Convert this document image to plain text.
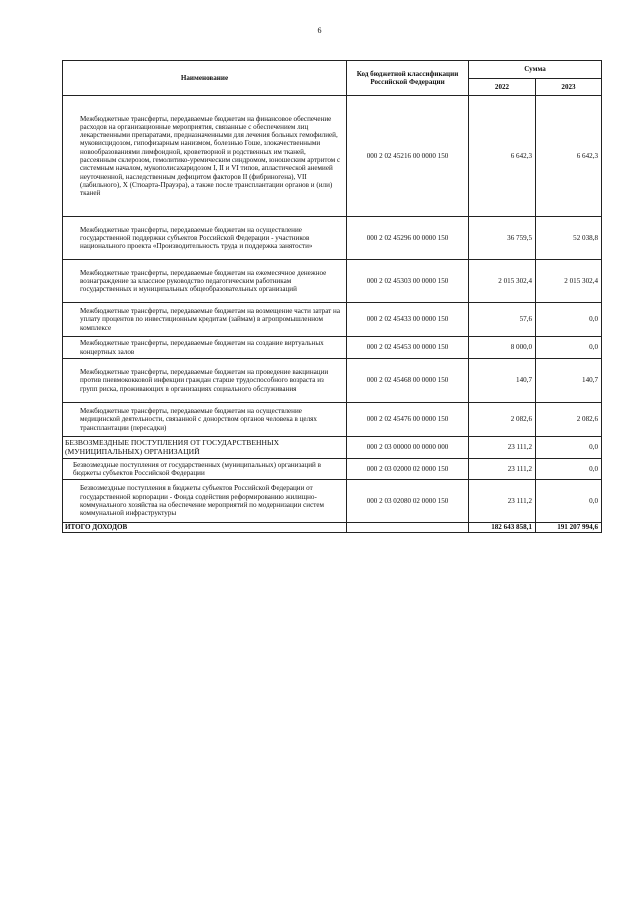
6
Наименование	Код бюджетной классификации Российской Федерации	Сумма	
		2022	2023
Межбюджетные трансферты, передаваемые бюджетам на финансовое обеспечение расходов на организационные мероприятия, связанные с обеспечением лиц лекарственными препаратами, предназначенными для лечения больных гемофилией, муковисцидозом, гипофизарным нанизмом, болезнью Гоше, злокачественными новообразованиями лимфоидной, кроветворной и родственных им тканей, рассеянным склерозом, гемолитико-уремическим синдромом, юношеским артритом с системным началом, мукополисахаридозом I, II и VI типов, апластической анемией неуточненной, наследственным дефицитом факторов II (фибриногена), VII (лабильного), X (Стюарта-Прауэра), а также после трансплантации органов и (или) тканей	000 2 02 45216 00 0000 150	6 642,3	6 642,3
Межбюджетные трансферты, передаваемые бюджетам на осуществление государственной поддержки субъектов Российской Федерации - участников национального проекта «Производительность труда и поддержка занятости»	000 2 02 45296 00 0000 150	36 759,5	52 038,8
Межбюджетные трансферты, передаваемые бюджетам на ежемесячное денежное вознаграждение за классное руководство педагогическим работникам государственных и муниципальных общеобразовательных организаций	000 2 02 45303 00 0000 150	2 015 302,4	2 015 302,4
Межбюджетные трансферты, передаваемые бюджетам на возмещение части затрат на уплату процентов по инвестиционным кредитам (займам) в агропромышленном комплексе	000 2 02 45433 00 0000 150	57,6	0,0
Межбюджетные трансферты, передаваемые бюджетам на создание виртуальных концертных залов	000 2 02 45453 00 0000 150	8 000,0	0,0
Межбюджетные трансферты, передаваемые бюджетам на проведение вакцинации против пневмококковой инфекции граждан старше трудоспособного возраста из групп риска, проживающих в организациях социального обслуживания	000 2 02 45468 00 0000 150	140,7	140,7
Межбюджетные трансферты, передаваемые бюджетам на осуществление медицинской деятельности, связанной с донорством органов человека в целях трансплантации (пересадки)	000 2 02 45476 00 0000 150	2 082,6	2 082,6
БЕЗВОЗМЕЗДНЫЕ ПОСТУПЛЕНИЯ ОТ ГОСУДАРСТВЕННЫХ (МУНИЦИПАЛЬНЫХ) ОРГАНИЗАЦИЙ	000 2 03 00000 00 0000 000	23 111,2	0,0
Безвозмездные поступления от государственных (муниципальных) организаций в бюджеты субъектов Российской Федерации	000 2 03 02000 02 0000 150	23 111,2	0,0
Безвозмездные поступления в бюджеты субъектов Российской Федерации от государственной корпорации - Фонда содействия реформированию жилищно-коммунального хозяйства на обеспечение мероприятий по модернизации систем коммунальной инфраструктуры	000 2 03 02080 02 0000 150	23 111,2	0,0
ИТОГО ДОХОДОВ		182 643 858,1	191 207 994,6
